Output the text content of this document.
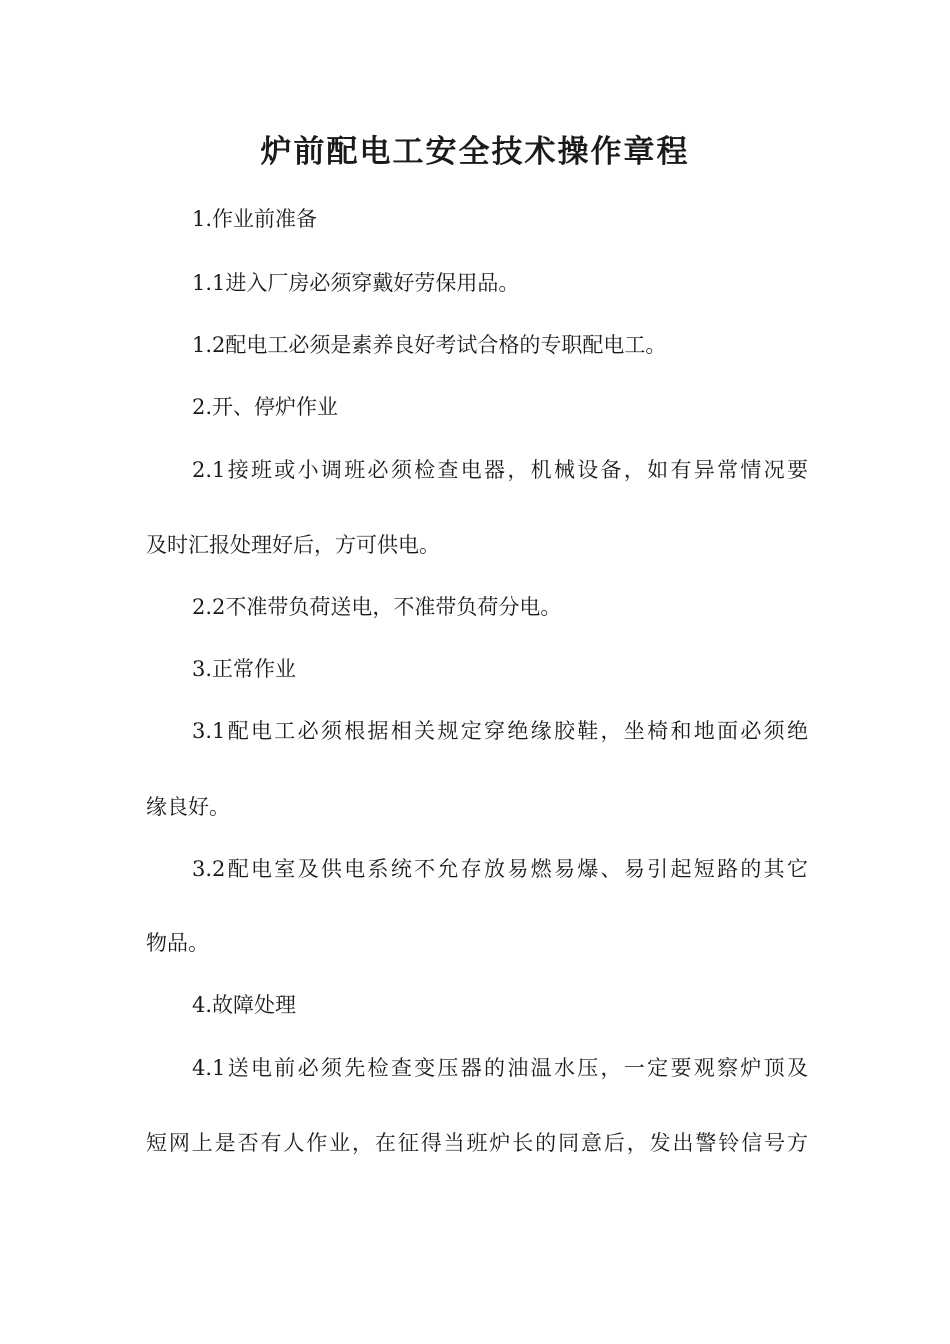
炉前配电工安全技术操作章程

1.作业前准备

1.1进入厂房必须穿戴好劳保用品。

1.2配电工必须是素养良好考试合格的专职配电工。

2.开、停炉作业

2.1接班或小调班必须检查电器，机械设备，如有异常情况要

及时汇报处理好后，方可供电。

2.2不准带负荷送电，不准带负荷分电。

3.正常作业

3.1配电工必须根据相关规定穿绝缘胶鞋，坐椅和地面必须绝

缘良好。

3.2配电室及供电系统不允存放易燃易爆、易引起短路的其它

物品。

4.故障处理

4.1送电前必须先检查变压器的油温水压，一定要观察炉顶及

短网上是否有人作业，在征得当班炉长的同意后，发出警铃信号方
